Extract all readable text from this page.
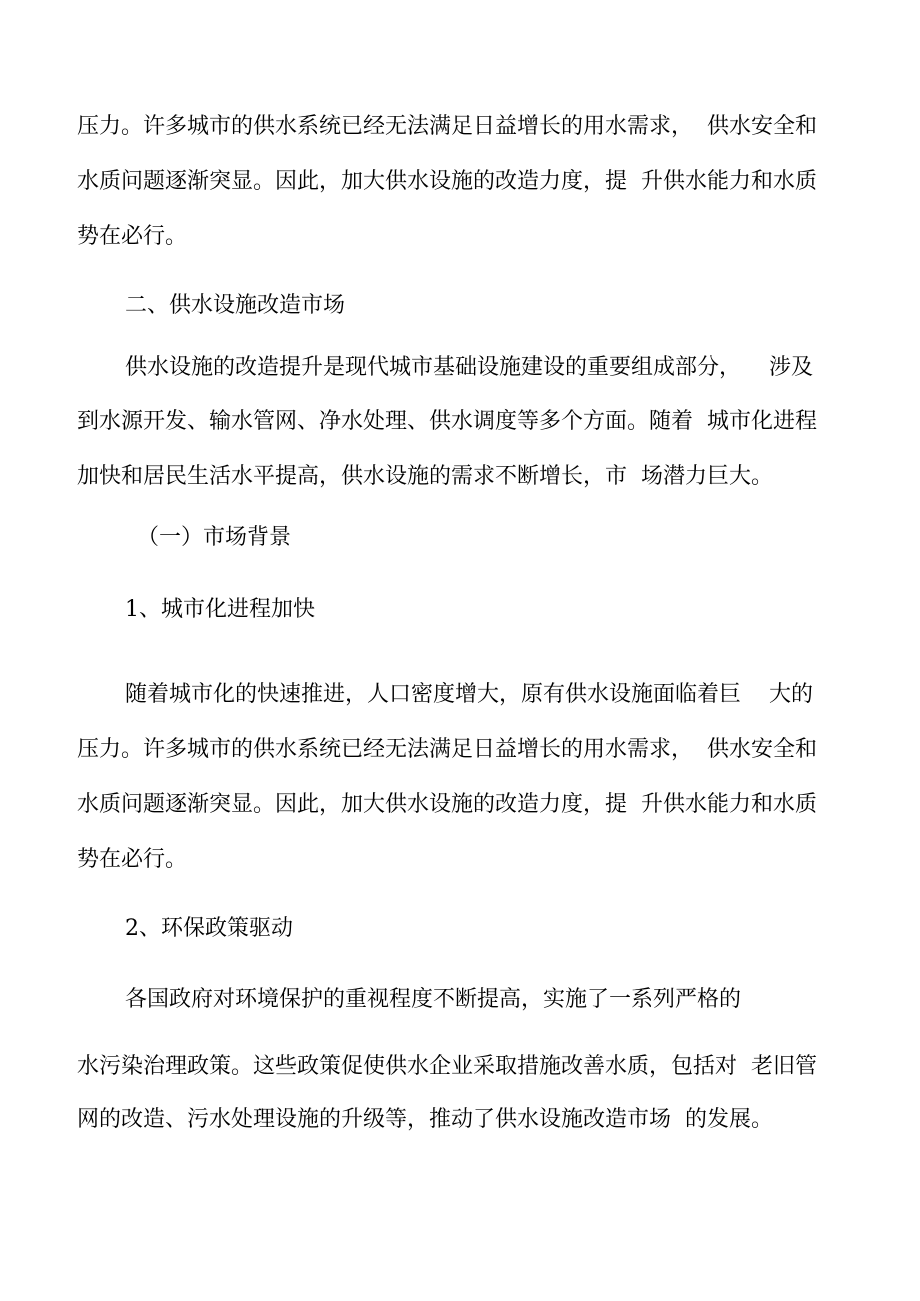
压力。许多城市的供水系统已经无法满足日益增长的用水需求，  供水安全和
水质问题逐渐突显。因此，加大供水设施的改造力度，提  升供水能力和水质
势在必行。
二、供水设施改造市场
供水设施的改造提升是现代城市基础设施建设的重要组成部分，    涉及
到水源开发、输水管网、净水处理、供水调度等多个方面。随着  城市化进程
加快和居民生活水平提高，供水设施的需求不断增长，市  场潜力巨大。
（一）市场背景
1、城市化进程加快
随着城市化的快速推进，人口密度增大，原有供水设施面临着巨    大的
压力。许多城市的供水系统已经无法满足日益增长的用水需求，  供水安全和
水质问题逐渐突显。因此，加大供水设施的改造力度，提  升供水能力和水质
势在必行。
2、环保政策驱动
各国政府对环境保护的重视程度不断提高，实施了一系列严格的
水污染治理政策。这些政策促使供水企业采取措施改善水质，包括对  老旧管
网的改造、污水处理设施的升级等，推动了供水设施改造市场  的发展。
